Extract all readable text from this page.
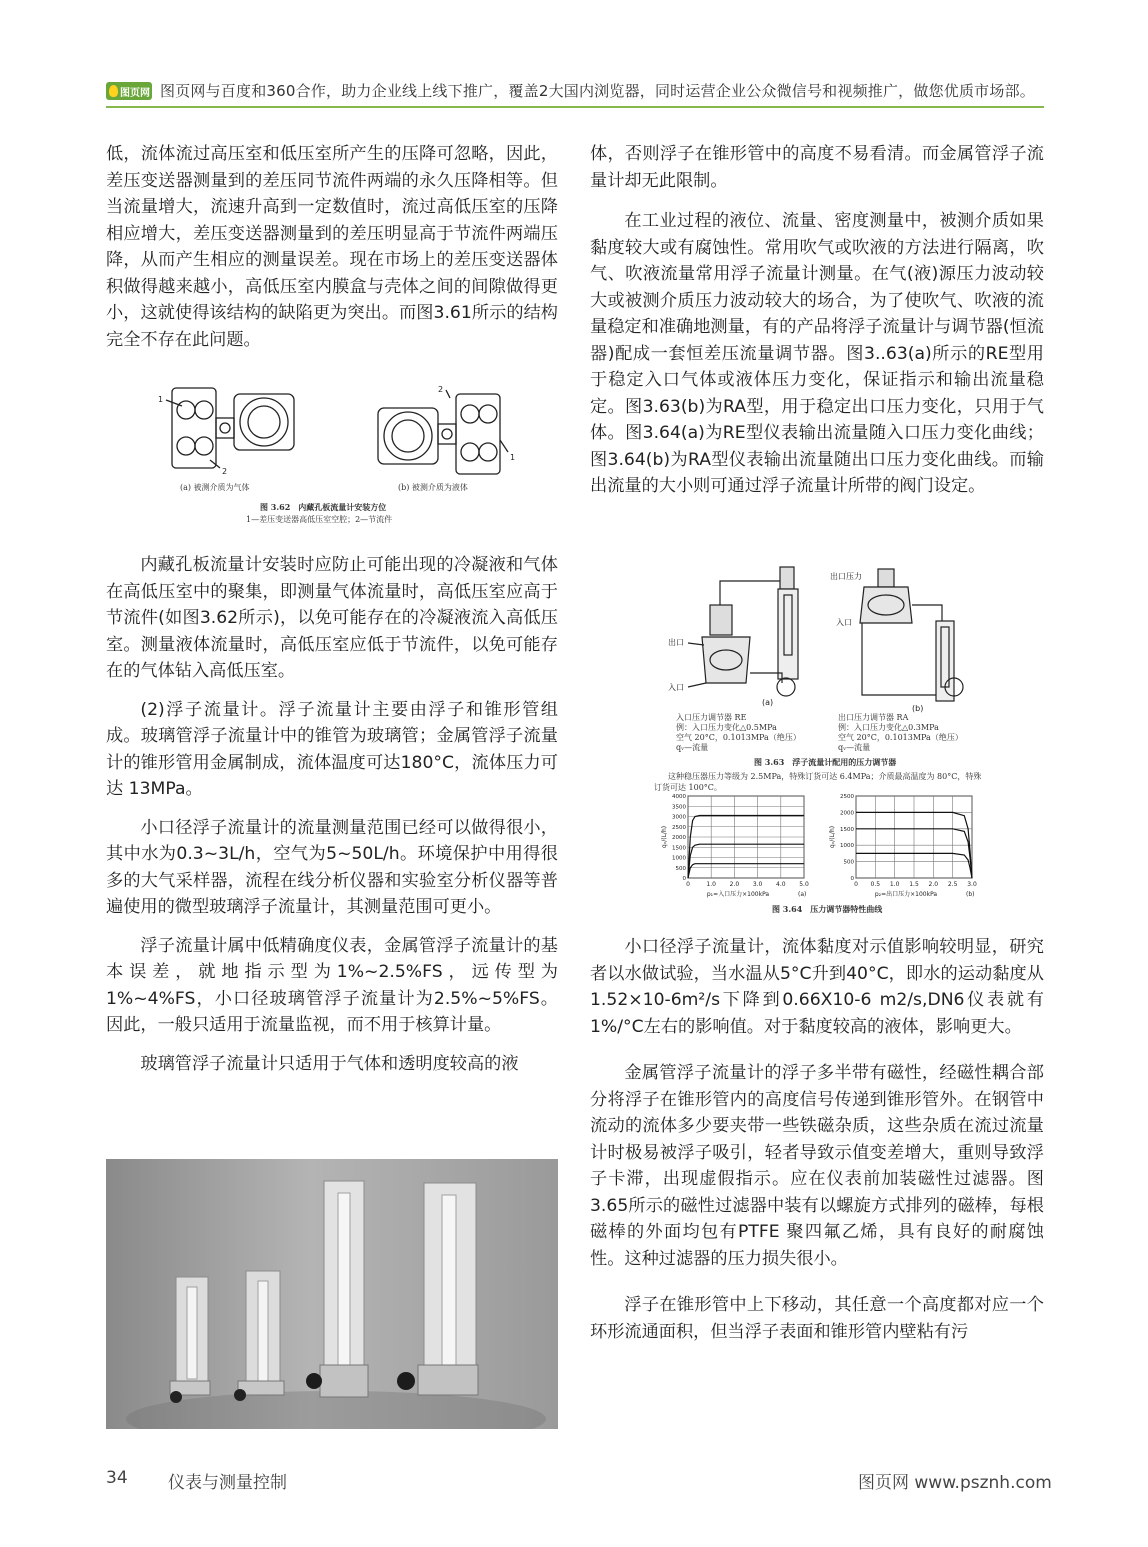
图页网 图页网与百度和360合作，助力企业线上线下推广，覆盖2大国内浏览器，同时运营企业公众微信号和视频推广，做您优质市场部。

低，流体流过高压室和低压室所产生的压降可忽略，因此，差压变送器测量到的差压同节流件两端的永久压降相等。但当流量增大，流速升高到一定数值时，流过高低压室的压降相应增大，差压变送器测量到的差压明显高于节流件两端压降，从而产生相应的测量误差。现在市场上的差压变送器体积做得越来越小，高低压室内膜盒与壳体之间的间隙做得更小，这就使得该结构的缺陷更为突出。而图3.61所示的结构完全不存在此问题。

1
2
2
1
(a) 被测介质为气体	(b) 被测介质为液体
图 3.62　内藏孔板流量计安装方位
1—差压变送器高低压室空腔；2—节流件

内藏孔板流量计安装时应防止可能出现的冷凝液和气体在高低压室中的聚集，即测量气体流量时，高低压室应高于节流件(如图3.62所示)，以免可能存在的冷凝液流入高低压室。测量液体流量时，高低压室应低于节流件，以免可能存在的气体钻入高低压室。

(2)浮子流量计。浮子流量计主要由浮子和锥形管组成。玻璃管浮子流量计中的锥管为玻璃管；金属管浮子流量计的锥形管用金属制成，流体温度可达180°C，流体压力可达 13MPa。

小口径浮子流量计的流量测量范围已经可以做得很小，其中水为0.3~3L/h，空气为5~50L/h。环境保护中用得很多的大气采样器，流程在线分析仪器和实验室分析仪器等普遍使用的微型玻璃浮子流量计，其测量范围可更小。

浮子流量计属中低精确度仪表，金属管浮子流量计的基本误差，就地指示型为1%~2.5%FS，远传型为1%~4%FS，小口径玻璃管浮子流量计为2.5%~5%FS。因此，一般只适用于流量监视，而不用于核算计量。

玻璃管浮子流量计只适用于气体和透明度较高的液

体，否则浮子在锥形管中的高度不易看清。而金属管浮子流量计却无此限制。

在工业过程的液位、流量、密度测量中，被测介质如果黏度较大或有腐蚀性。常用吹气或吹液的方法进行隔离，吹气、吹液流量常用浮子流量计测量。在气(液)源压力波动较大或被测介质压力波动较大的场合，为了使吹气、吹液的流量稳定和准确地测量，有的产品将浮子流量计与调节器(恒流器)配成一套恒差压流量调节器。图3..63(a)所示的RE型用于稳定入口气体或液体压力变化，保证指示和输出流量稳定。图3.63(b)为RA型，用于稳定出口压力变化，只用于气体。图3.64(a)为RE型仪表输出流量随入口压力变化曲线；图3.64(b)为RA型仪表输出流量随出口压力变化曲线。而输出流量的大小则可通过浮子流量计所带的阀门设定。

出口
入口
出口压力
入口
(a)
(b)
入口压力调节器 RE
例：入口压力变化△0.5MPa
空气 20°C，0.1013MPa（绝压）
qᵥ—流量
出口压力调节器 RA
例：入口压力变化△0.3MPa
空气 20°C，0.1013MPa（绝压）
qᵥ—流量
图 3.63　浮子流量计配用的压力调节器
这种稳压器压力等级为 2.5MPa，特殊订货可达 6.4MPa；介质最高温度为 80°C，特殊
订货可达 100°C。
0	1.0 2.0 3.0 4.0 5.0
0
500
1000
1500
2000
2500
3000
3500
4000
qᵥ/(L/h)
p₁=入口压力×100kPa	(a)
0 0.5 1.0 1.5 2.0 2.5 3.0
0
500
1000
1500
2000
2500
qᵥ/(L/h)
p₂=出口压力×100kPa	(b)
图 3.64　压力调节器特性曲线

小口径浮子流量计，流体黏度对示值影响较明显，研究者以水做试验，当水温从5°C升到40°C，即水的运动黏度从1.52×10-6m²/s下降到0.66X10-6 m2/s,DN6仪表就有1%/°C左右的影响值。对于黏度较高的液体，影响更大。

金属管浮子流量计的浮子多半带有磁性，经磁性耦合部分将浮子在锥形管内的高度信号传递到锥形管外。在钢管中流动的流体多少要夹带一些铁磁杂质，这些杂质在流过流量计时极易被浮子吸引，轻者导致示值变差增大，重则导致浮子卡滞，出现虚假指示。应在仪表前加装磁性过滤器。图3.65所示的磁性过滤器中装有以螺旋方式排列的磁棒，每根磁棒的外面均包有PTFE 聚四氟乙烯，具有良好的耐腐蚀性。这种过滤器的压力损失很小。

浮子在锥形管中上下移动，其任意一个高度都对应一个环形流通面积，但当浮子表面和锥形管内壁粘有污

34 仪表与测量控制	图页网 www.psznh.com
